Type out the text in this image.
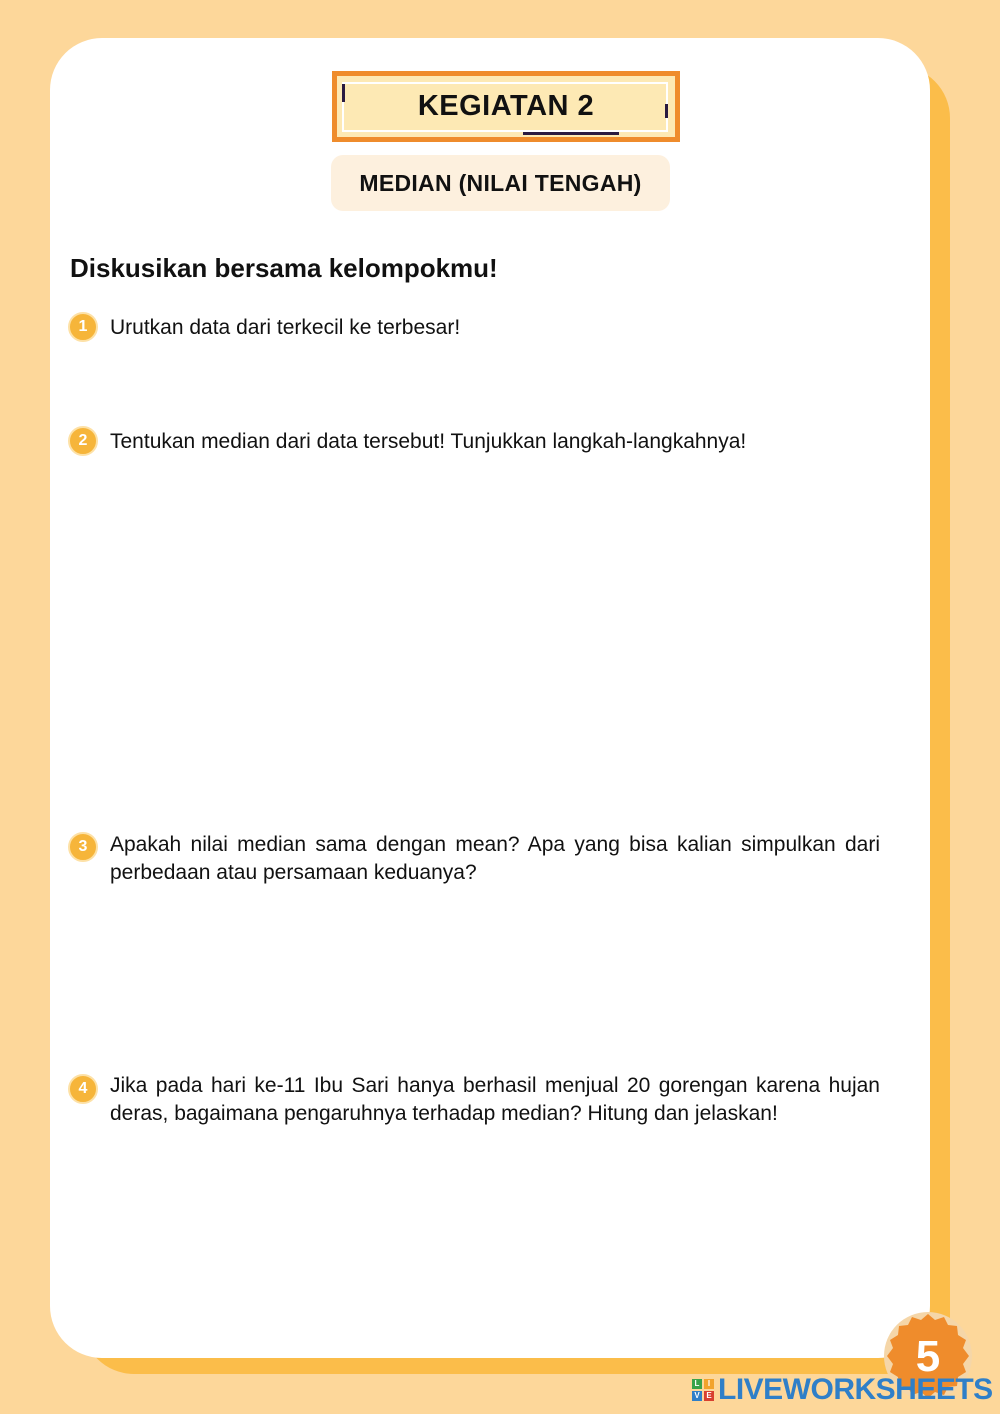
KEGIATAN 2
MEDIAN (NILAI TENGAH)
Diskusikan bersama kelompokmu!
1	Urutkan data dari terkecil ke terbesar!
2	Tentukan median dari data tersebut! Tunjukkan langkah-langkahnya!
3	Apakah nilai median sama dengan mean? Apa yang bisa kalian simpulkan dari perbedaan atau persamaan keduanya?
4	Jika pada hari ke-11 Ibu Sari hanya berhasil menjual 20 gorengan karena hujan deras, bagaimana pengaruhnya terhadap median? Hitung dan jelaskan!
5
L	I
V E LIVEWORKSHEETS
